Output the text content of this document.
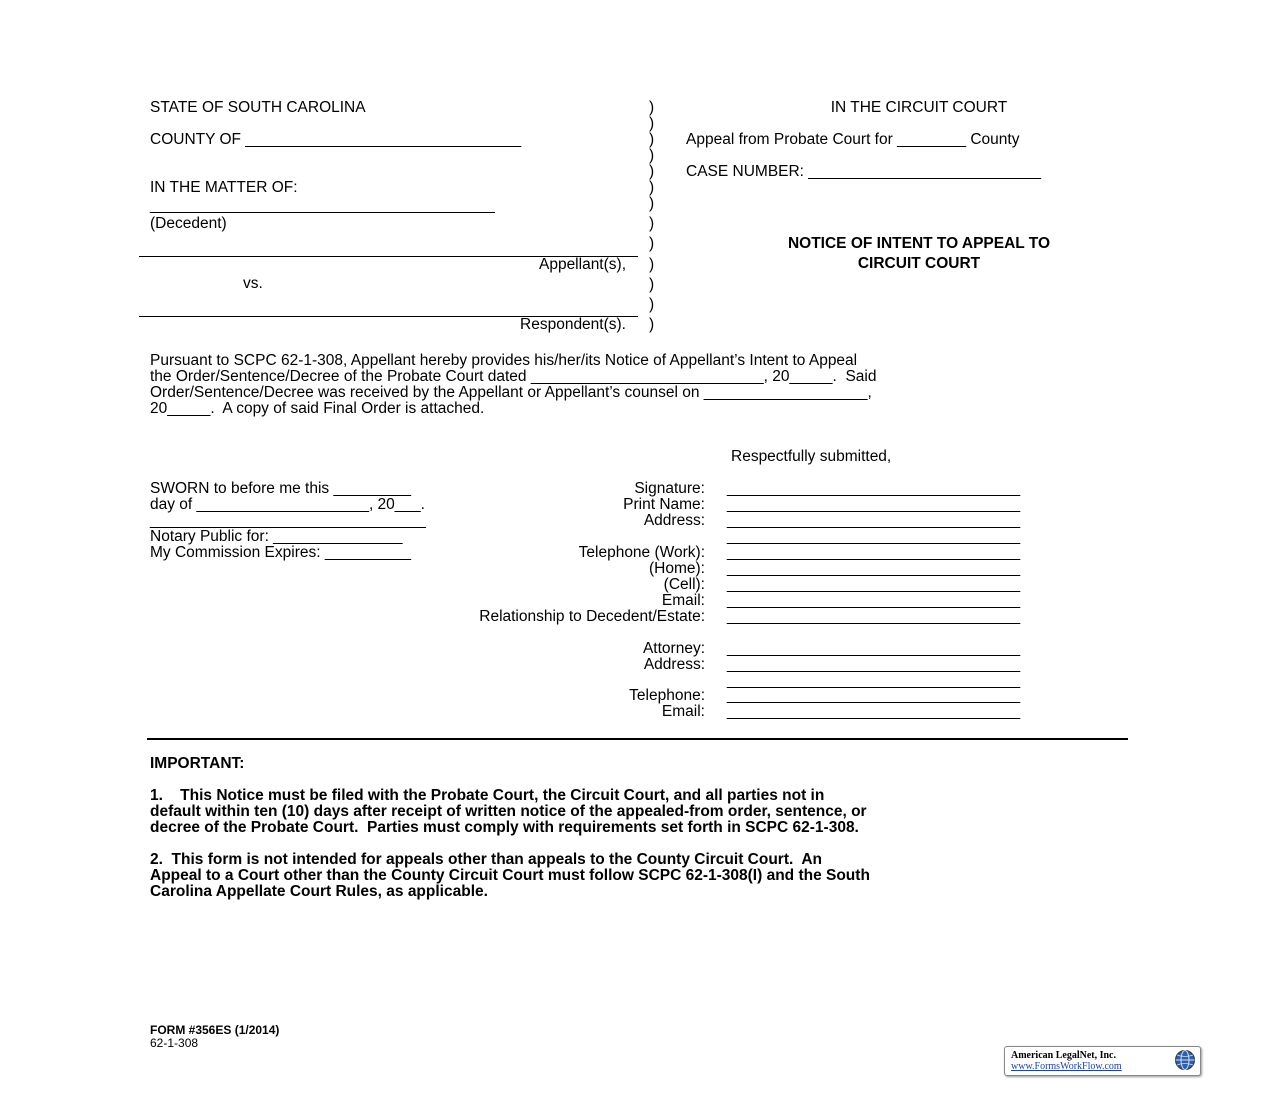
STATE OF SOUTH CAROLINA
COUNTY OF ________________________________
IN THE MATTER OF:
________________________________________
(Decedent)
Appellant(s),
vs.
Respondent(s).
)
)
)
)
)
)
)
)
)
)
)
)
)
IN THE CIRCUIT COURT
Appeal from Probate Court for ________ County
CASE NUMBER: ___________________________
NOTICE OF INTENT TO APPEAL TO
CIRCUIT COURT
Pursuant to SCPC 62-1-308, Appellant hereby provides his/her/its Notice of Appellant’s Intent to Appeal
the Order/Sentence/Decree of the Probate Court dated ___________________________, 20_____.  Said
Order/Sentence/Decree was received by the Appellant or Appellant’s counsel on ___________________,
20_____.  A copy of said Final Order is attached.
Respectfully submitted,
Signature:
Print Name:
Address:
Telephone (Work):
(Home):
(Cell):
Email:
Relationship to Decedent/Estate:
Attorney:
Address:
Telephone:
Email:
__________________________________
__________________________________
__________________________________
__________________________________
__________________________________
__________________________________
__________________________________
__________________________________
__________________________________
__________________________________
__________________________________
__________________________________
__________________________________
__________________________________
SWORN to before me this _________
day of ____________________, 20___.
________________________________
Notary Public for: _______________
My Commission Expires: __________
IMPORTANT:
1.    This Notice must be filed with the Probate Court, the Circuit Court, and all parties not in
default within ten (10) days after receipt of written notice of the appealed-from order, sentence, or
decree of the Probate Court.  Parties must comply with requirements set forth in SCPC 62-1-308.
2.  This form is not intended for appeals other than appeals to the County Circuit Court.  An
Appeal to a Court other than the County Circuit Court must follow SCPC 62-1-308(I) and the South
Carolina Appellate Court Rules, as applicable.
FORM #356ES (1/2014)
62-1-308
American LegalNet, Inc.
www.FormsWorkFlow.com
